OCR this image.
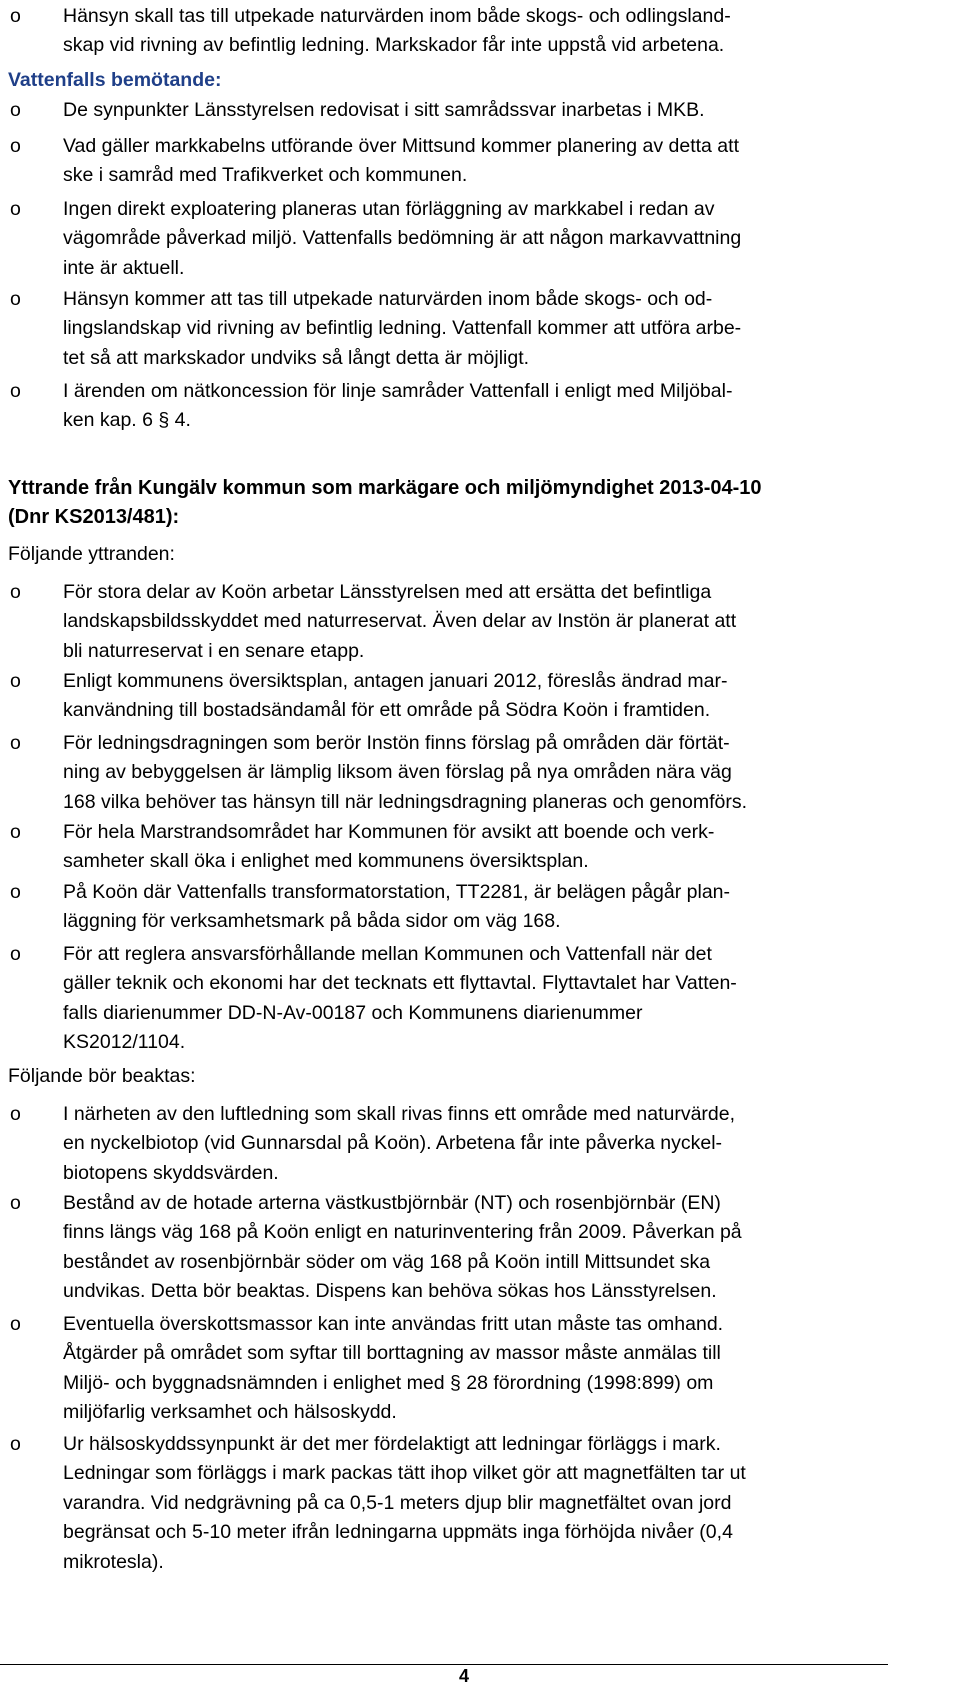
o Hänsyn skall tas till utpekade naturvärden inom både skogs- och odlingsland-
skap vid rivning av befintlig ledning. Markskador får inte uppstå vid arbetena.
Vattenfalls bemötande:
o De synpunkter Länsstyrelsen redovisat i sitt samrådssvar inarbetas i MKB.
o Vad gäller markkabelns utförande över Mittsund kommer planering av detta att
ske i samråd med Trafikverket och kommunen.
o Ingen direkt exploatering planeras utan förläggning av markkabel i redan av
vägområde påverkad miljö. Vattenfalls bedömning är att någon markavvattning
inte är aktuell.
o Hänsyn kommer att tas till utpekade naturvärden inom både skogs- och od-
lingslandskap vid rivning av befintlig ledning. Vattenfall kommer att utföra arbe-
tet så att markskador undviks så långt detta är möjligt.
o I ärenden om nätkoncession för linje samråder Vattenfall i enligt med Miljöbal-
ken kap. 6 § 4.
Yttrande från Kungälv kommun som markägare och miljömyndighet 2013-04-10
(Dnr KS2013/481):
Följande yttranden:
o För stora delar av Koön arbetar Länsstyrelsen med att ersätta det befintliga
landskapsbildsskyddet med naturreservat. Även delar av Instön är planerat att
bli naturreservat i en senare etapp.
o Enligt kommunens översiktsplan, antagen januari 2012, föreslås ändrad mar-
kanvändning till bostadsändamål för ett område på Södra Koön i framtiden.
o För ledningsdragningen som berör Instön finns förslag på områden där förtät-
ning av bebyggelsen är lämplig liksom även förslag på nya områden nära väg
168 vilka behöver tas hänsyn till när ledningsdragning planeras och genomförs.
o För hela Marstrandsområdet har Kommunen för avsikt att boende och verk-
samheter skall öka i enlighet med kommunens översiktsplan.
o På Koön där Vattenfalls transformatorstation, TT2281, är belägen pågår plan-
läggning för verksamhetsmark på båda sidor om väg 168.
o För att reglera ansvarsförhållande mellan Kommunen och Vattenfall när det
gäller teknik och ekonomi har det tecknats ett flyttavtal. Flyttavtalet har Vatten-
falls diarienummer DD-N-Av-00187 och Kommunens diarienummer
KS2012/1104.
Följande bör beaktas:
o I närheten av den luftledning som skall rivas finns ett område med naturvärde,
en nyckelbiotop (vid Gunnarsdal på Koön). Arbetena får inte påverka nyckel-
biotopens skyddsvärden.
o Bestånd av de hotade arterna västkustbjörnbär (NT) och rosenbjörnbär (EN)
finns längs väg 168 på Koön enligt en naturinventering från 2009. Påverkan på
beståndet av rosenbjörnbär söder om väg 168 på Koön intill Mittsundet ska
undvikas. Detta bör beaktas. Dispens kan behöva sökas hos Länsstyrelsen.
o Eventuella överskottsmassor kan inte användas fritt utan måste tas omhand.
Åtgärder på området som syftar till borttagning av massor måste anmälas till
Miljö- och byggnadsnämnden i enlighet med § 28 förordning (1998:899) om
miljöfarlig verksamhet och hälsoskydd.
o Ur hälsoskyddssynpunkt är det mer fördelaktigt att ledningar förläggs i mark.
Ledningar som förläggs i mark packas tätt ihop vilket gör att magnetfälten tar ut
varandra. Vid nedgrävning på ca 0,5-1 meters djup blir magnetfältet ovan jord
begränsat och 5-10 meter ifrån ledningarna uppmäts inga förhöjda nivåer (0,4
mikrotesla).
4
